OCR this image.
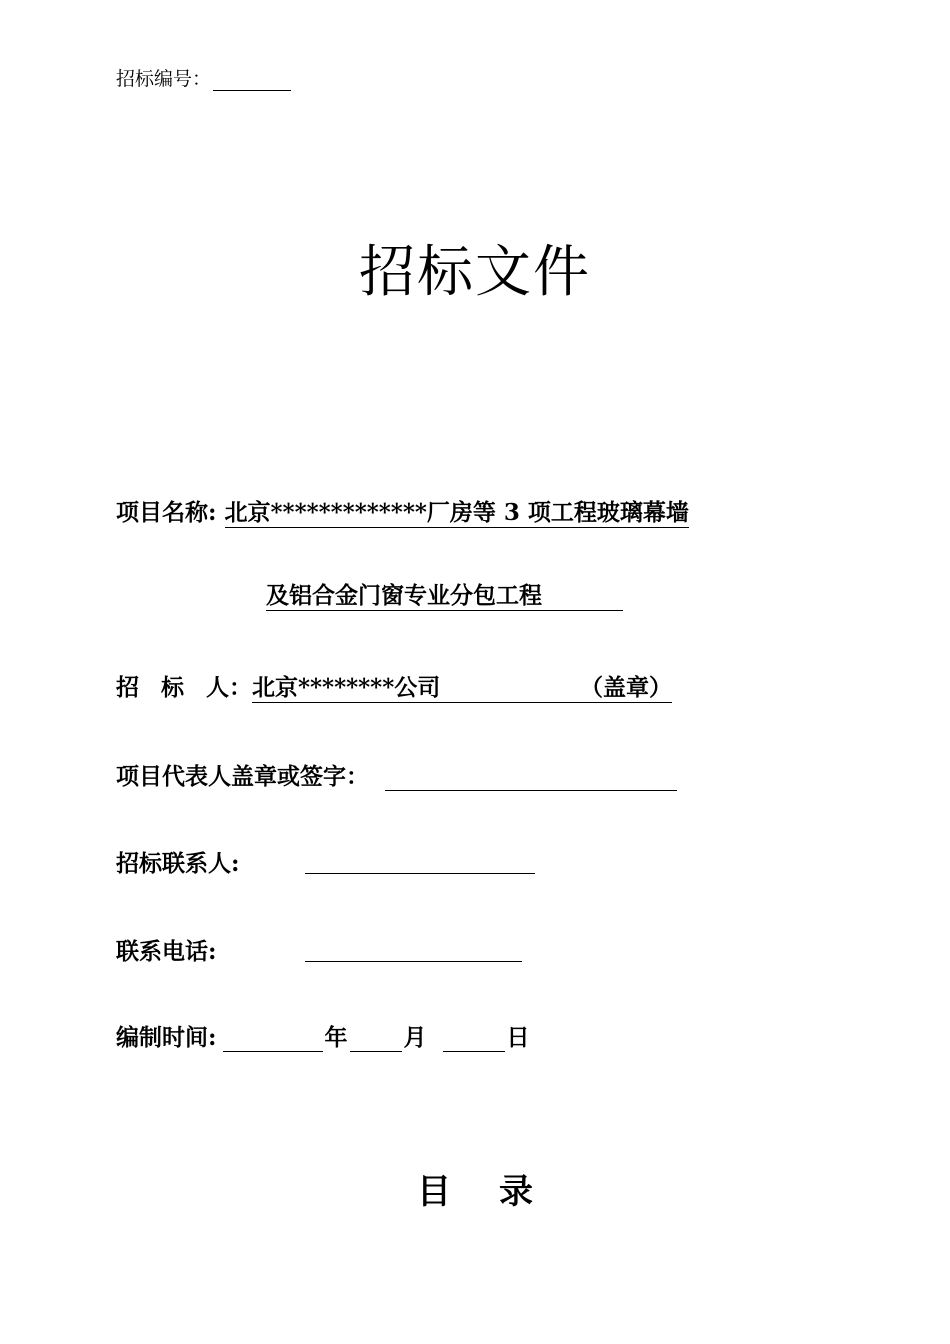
招标编号：
招标文件
项目名称: 北京*************厂房等 3 项工程玻璃幕墙
及铝合金门窗专业分包工程
招 标 人：北京********公司	（盖章）
项目代表人盖章或签字：
招标联系人:
联系电话:
编制时间:	年 月	日
目 录
